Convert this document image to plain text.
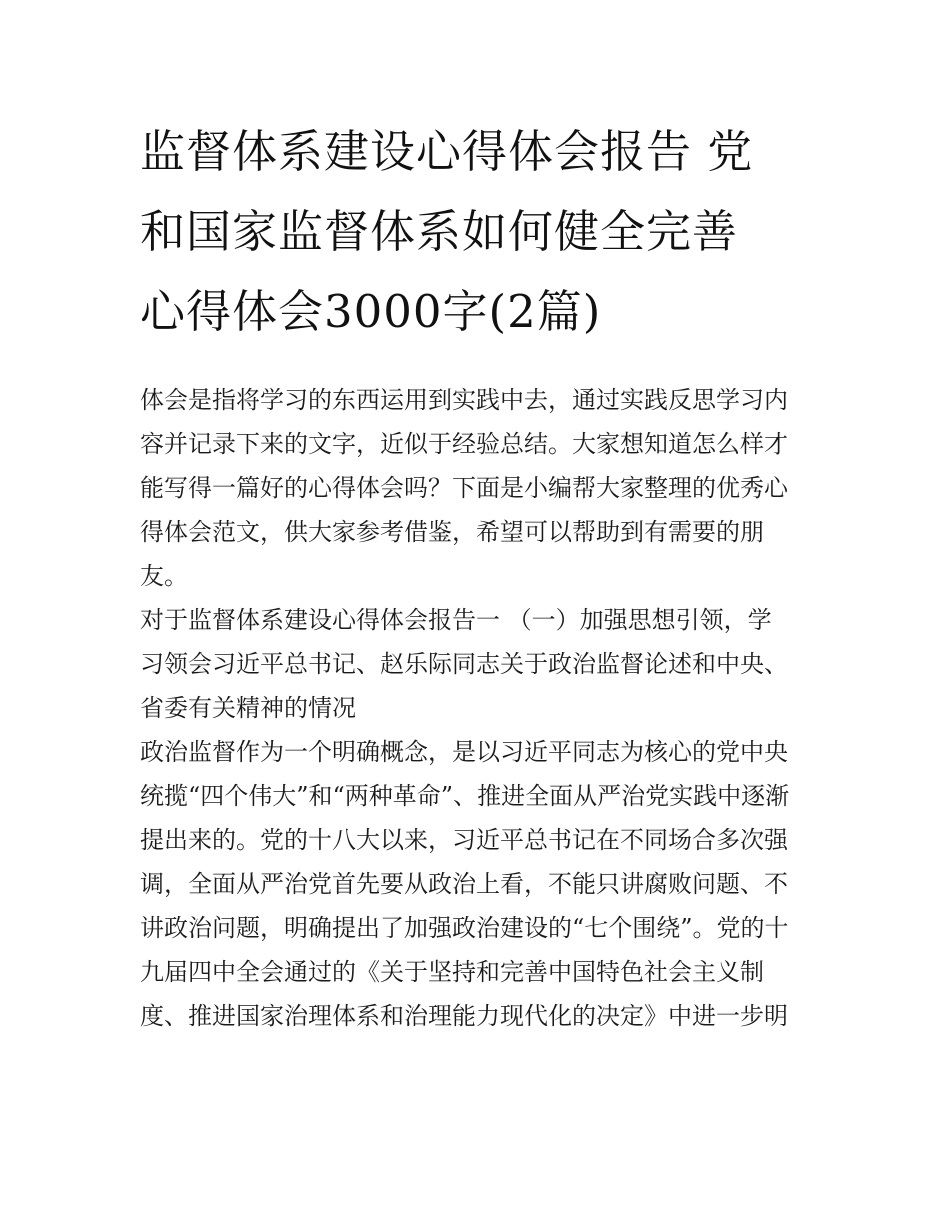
监督体系建设心得体会报告 党
和国家监督体系如何健全完善
心得体会3000字(2篇)
体会是指将学习的东西运用到实践中去，通过实践反思学习内
容并记录下来的文字，近似于经验总结。大家想知道怎么样才
能写得一篇好的心得体会吗？下面是小编帮大家整理的优秀心
得体会范文，供大家参考借鉴，希望可以帮助到有需要的朋
友。
对于监督体系建设心得体会报告一 （一）加强思想引领，学
习领会习近平总书记、赵乐际同志关于政治监督论述和中央、
省委有关精神的情况
政治监督作为一个明确概念，是以习近平同志为核心的党中央
统揽“四个伟大”和“两种革命”、推进全面从严治党实践中逐渐
提出来的。党的十八大以来，习近平总书记在不同场合多次强
调，全面从严治党首先要从政治上看，不能只讲腐败问题、不
讲政治问题，明确提出了加强政治建设的“七个围绕”。党的十
九届四中全会通过的《关于坚持和完善中国特色社会主义制
度、推进国家治理体系和治理能力现代化的决定》中进一步明
